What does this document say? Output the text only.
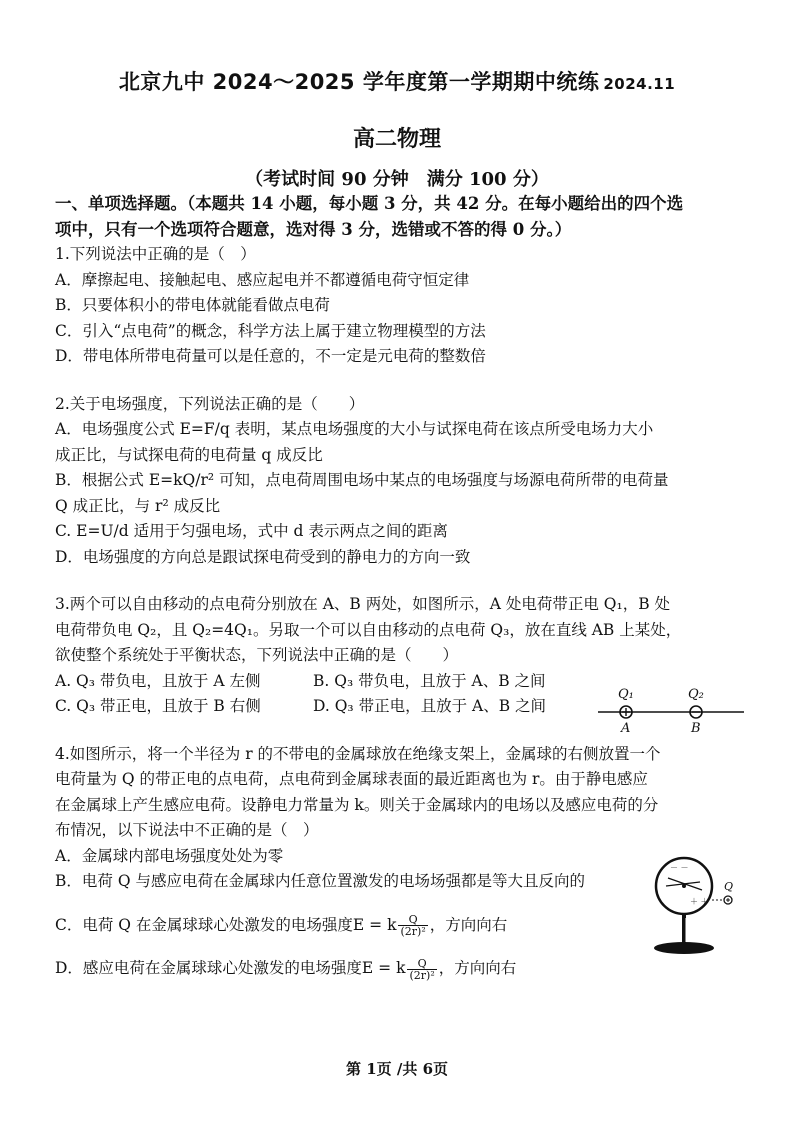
北京九中 2024～2025 学年度第一学期期中统练 2024.11
高二物理
（考试时间 90 分钟　满分 100 分）

一、单项选择题。（本题共 14 小题，每小题 3 分，共 42 分。在每小题给出的四个选

项中，只有一个选项符合题意，选对得 3 分，选错或不答的得 0 分。）

1.下列说法中正确的是（　）

A．摩擦起电、接触起电、感应起电并不都遵循电荷守恒定律

B．只要体积小的带电体就能看做点电荷

C．引入“点电荷”的概念，科学方法上属于建立物理模型的方法

D．带电体所带电荷量可以是任意的，不一定是元电荷的整数倍

2.关于电场强度，下列说法正确的是（　　）

A．电场强度公式 E=F/q 表明，某点电场强度的大小与试探电荷在该点所受电场力大小

成正比，与试探电荷的电荷量 q 成反比

B．根据公式 E=kQ/r² 可知，点电荷周围电场中某点的电场强度与场源电荷所带的电荷量

Q 成正比，与 r² 成反比

C. E=U/d 适用于匀强电场，式中 d 表示两点之间的距离

D．电场强度的方向总是跟试探电荷受到的静电力的方向一致

3.两个可以自由移动的点电荷分别放在 A、B 两处，如图所示，A 处电荷带正电 Q₁，B 处

电荷带负电 Q₂，且 Q₂=4Q₁。另取一个可以自由移动的点电荷 Q₃，放在直线 AB 上某处，

欲使整个系统处于平衡状态，下列说法中正确的是（　　）

A. Q₃ 带负电，且放于 A 左侧	B. Q₃ 带负电，且放于 A、B 之间

C. Q₃ 带正电，且放于 B 右侧	D. Q₃ 带正电，且放于 A、B 之间

4.如图所示，将一个半径为 r 的不带电的金属球放在绝缘支架上，金属球的右侧放置一个

电荷量为 Q 的带正电的点电荷，点电荷到金属球表面的最近距离也为 r。由于静电感应

在金属球上产生感应电荷。设静电力常量为 k。则关于金属球内的电场以及感应电荷的分

布情况，以下说法中不正确的是（　）

A．金属球内部电场强度处处为零

B．电荷 Q 与感应电荷在金属球内任意位置激发的电场场强都是等大且反向的

C．电荷 Q 在金属球球心处激发的电场强度E = k $\frac{Q}{\text{(2r)²}}$ ，方向向右

D．感应电荷在金属球球心处激发的电场强度E = k $\frac{Q}{\text{(2r)²}}$ ，方向向右

Q₁	Q₂
A	B
－ －
＋ ＋
Q
第 1页 /共 6页
